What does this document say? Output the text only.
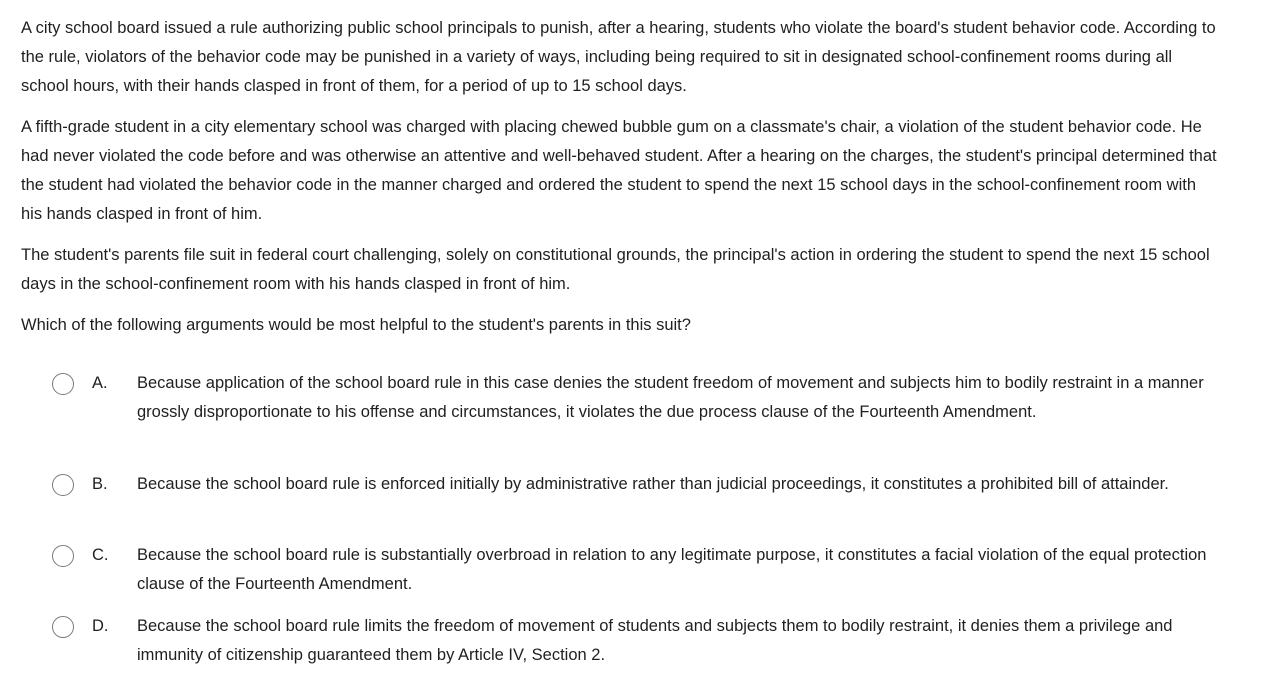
A city school board issued a rule authorizing public school principals to punish, after a hearing, students who violate the board's student behavior code. According to the rule, violators of the behavior code may be punished in a variety of ways, including being required to sit in designated school-confinement rooms during all school hours, with their hands clasped in front of them, for a period of up to 15 school days.

A fifth-grade student in a city elementary school was charged with placing chewed bubble gum on a classmate's chair, a violation of the student behavior code. He had never violated the code before and was otherwise an attentive and well-behaved student. After a hearing on the charges, the student's principal determined that the student had violated the behavior code in the manner charged and ordered the student to spend the next 15 school days in the school-confinement room with his hands clasped in front of him.

The student's parents file suit in federal court challenging, solely on constitutional grounds, the principal's action in ordering the student to spend the next 15 school days in the school-confinement room with his hands clasped in front of him.

Which of the following arguments would be most helpful to the student's parents in this suit?

A. Because application of the school board rule in this case denies the student freedom of movement and subjects him to bodily restraint in a manner grossly disproportionate to his offense and circumstances, it violates the due process clause of the Fourteenth Amendment.
B. Because the school board rule is enforced initially by administrative rather than judicial proceedings, it constitutes a prohibited bill of attainder.
C. Because the school board rule is substantially overbroad in relation to any legitimate purpose, it constitutes a facial violation of the equal protection clause of the Fourteenth Amendment.
D. Because the school board rule limits the freedom of movement of students and subjects them to bodily restraint, it denies them a privilege and immunity of citizenship guaranteed them by Article IV, Section 2.
